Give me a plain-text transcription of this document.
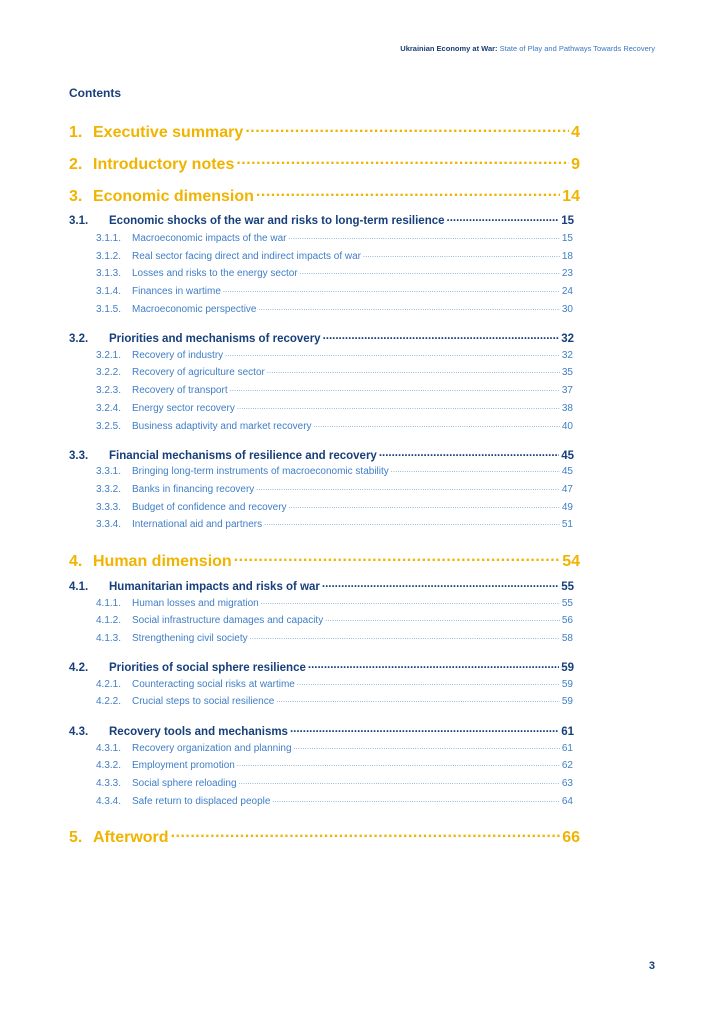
Ukrainian Economy at War: State of Play and Pathways Towards Recovery
Contents
1. Executive summary .....	4
2. Introductory notes .....	9
3. Economic dimension .....	14
3.1. Economic shocks of the war and risks to long-term resilience .....	15
3.1.1. Macroeconomic impacts of the war .....	15
3.1.2. Real sector facing direct and indirect impacts of war .....	18
3.1.3. Losses and risks to the energy sector .....	23
3.1.4. Finances in wartime .....	24
3.1.5. Macroeconomic perspective .....	30
3.2. Priorities and mechanisms of recovery .....	32
3.2.1. Recovery of industry .....	32
3.2.2. Recovery of agriculture sector .....	35
3.2.3. Recovery of transport .....	37
3.2.4. Energy sector recovery .....	38
3.2.5. Business adaptivity and market recovery .....	40
3.3. Financial mechanisms of resilience and recovery .....	45
3.3.1. Bringing long-term instruments of macroeconomic stability .....	45
3.3.2. Banks in financing recovery .....	47
3.3.3. Budget of confidence and recovery .....	49
3.3.4. International aid and partners .....	51
4. Human dimension .....	54
4.1. Humanitarian impacts and risks of war .....	55
4.1.1. Human losses and migration .....	55
4.1.2. Social infrastructure damages and capacity .....	56
4.1.3. Strengthening civil society .....	58
4.2. Priorities of social sphere resilience .....	59
4.2.1. Counteracting social risks at wartime .....	59
4.2.2. Crucial steps to social resilience .....	59
4.3. Recovery tools and mechanisms .....	61
4.3.1. Recovery organization and planning .....	61
4.3.2. Employment promotion .....	62
4.3.3. Social sphere reloading .....	63
4.3.4. Safe return to displaced people .....	64
5. Afterword .....	66
3
